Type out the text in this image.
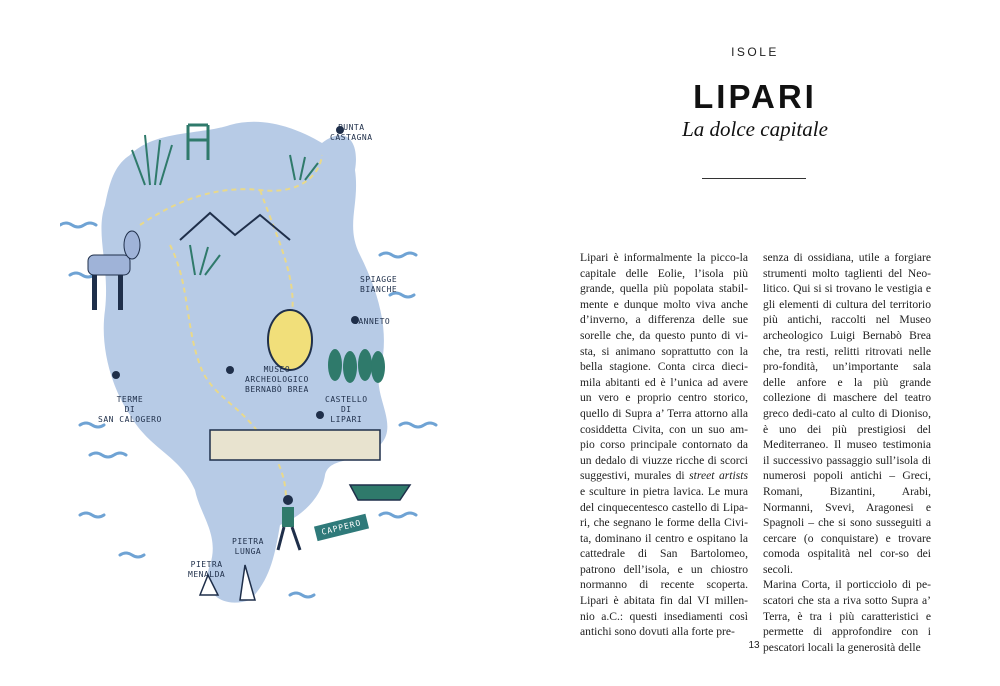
PUNTA
CASTAGNA
SPIAGGE
BIANCHE
CANNETO
MUSEO
ARCHEOLOGICO
BERNABÒ BREA
CASTELLO
DI
LIPARI
TERME
DI
SAN CALOGERO
PIETRA
LUNGA
PIETRA
MENALDA
CAPPERO
ISOLE
LIPARI
La dolce capitale

Lipari è informalmente la picco-la capitale delle Eolie, l’isola più grande, quella più popolata stabil-mente e dunque molto viva anche d’inverno, a differenza delle sue sorelle che, da questo punto di vi-sta, si animano soprattutto con la bella stagione. Conta circa dieci-mila abitanti ed è l’unica ad avere un vero e proprio centro storico, quello di Supra a’ Terra attorno alla cosiddetta Civita, con un suo am-pio corso principale contornato da un dedalo di viuzze ricche di scorci suggestivi, murales di street artists e sculture in pietra lavica. Le mura del cinquecentesco castello di Lipa-ri, che segnano le forme della Civi-ta, dominano il centro e ospitano la cattedrale di San Bartolomeo, patrono dell’isola, e un chiostro normanno di recente scoperta. Lipari è abitata fin dal VI millen-nio a.C.: questi insediamenti così antichi sono dovuti alla forte pre-

senza di ossidiana, utile a forgiare strumenti molto taglienti del Neo-litico. Qui si si trovano le vestigia e gli elementi di cultura del territorio più antichi, raccolti nel Museo archeologico Luigi Bernabò Brea che, tra resti, relitti ritrovati nelle pro-fondità, un’importante sala delle anfore e la più grande collezione di maschere del teatro greco dedi-cato al culto di Dioniso, è uno dei più prestigiosi del Mediterraneo. Il museo testimonia il successivo passaggio sull’isola di numerosi popoli antichi – Greci, Romani, Bizantini, Arabi, Normanni, Svevi, Aragonesi e Spagnoli – che si sono susseguiti a cercare (o conquistare) e trovare comoda ospitalità nel cor-so dei secoli.

Marina Corta, il porticciolo di pe-scatori che sta a riva sotto Supra a’ Terra, è tra i più caratteristici e permette di approfondire con i pescatori locali la generosità delle

13
